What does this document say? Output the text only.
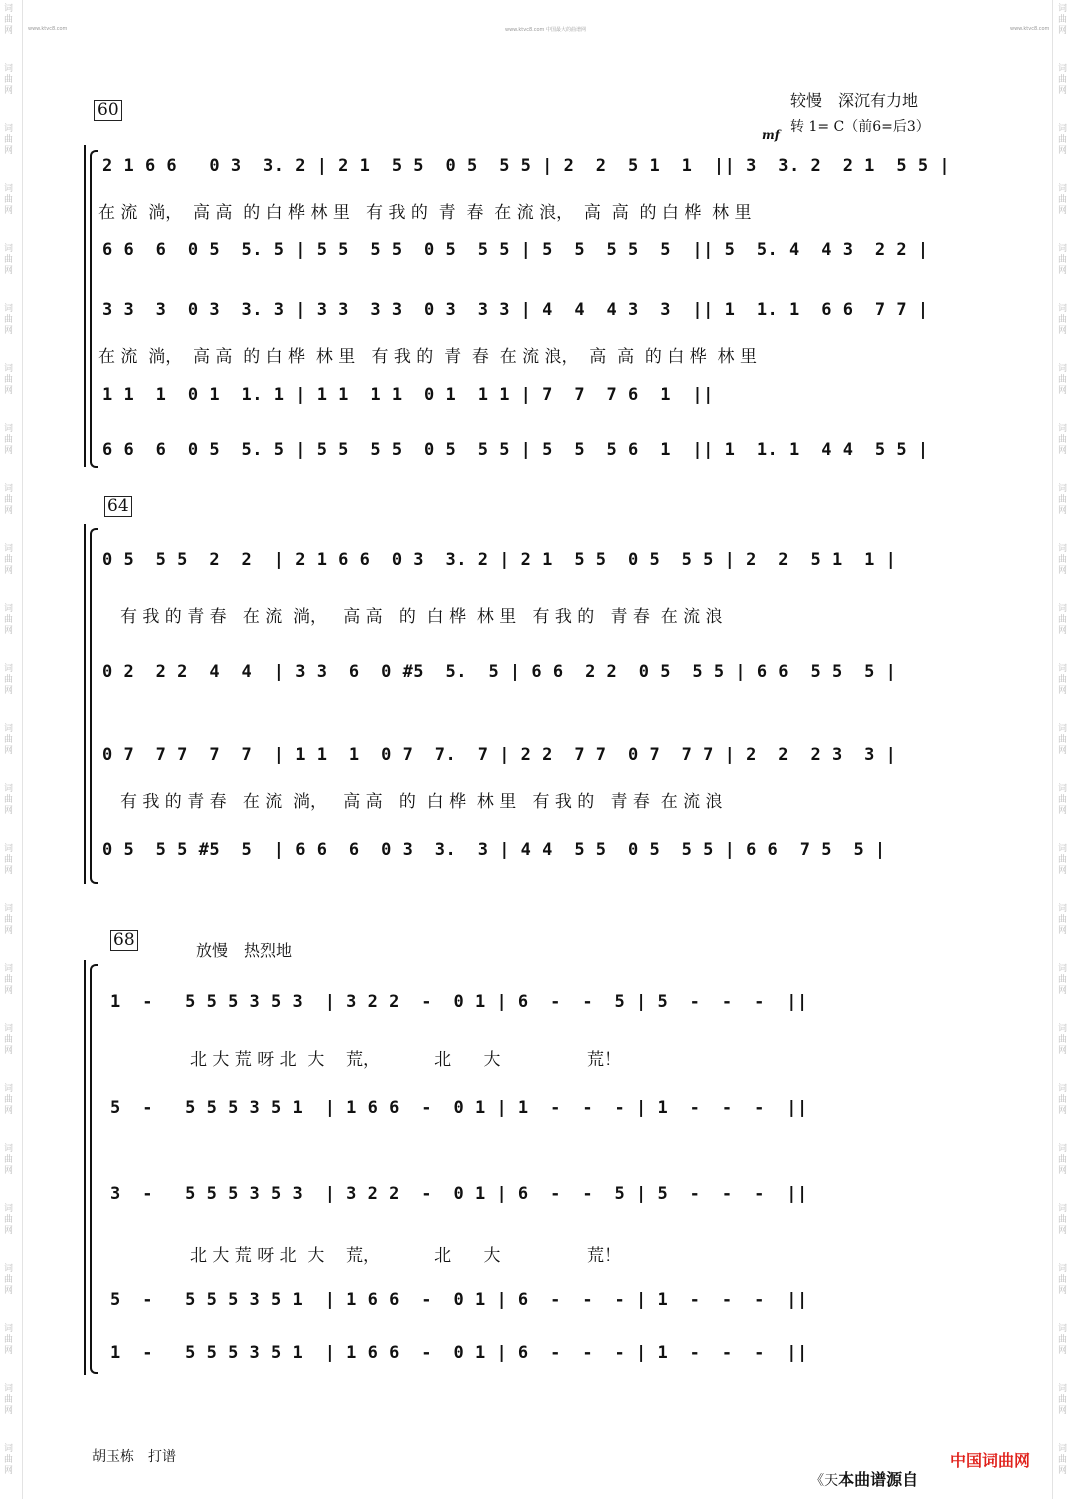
www.ktvc8.com	www.ktvc8.com 中国最大的曲谱网	www.ktvc8.com
词曲网
词曲网
词曲网
词曲网
词曲网
词曲网
词曲网
词曲网
词曲网
词曲网
词曲网
词曲网
词曲网
词曲网
词曲网
词曲网
词曲网
词曲网
词曲网
词曲网
词曲网
词曲网
词曲网
词曲网
词曲网
词曲网
词曲网
词曲网
词曲网
词曲网
词曲网
词曲网
词曲网
词曲网
词曲网
词曲网
词曲网
词曲网
词曲网
词曲网
词曲网
词曲网
词曲网
词曲网
词曲网
词曲网
词曲网
词曲网
词曲网
词曲网
60	较慢　深沉有力地
转 1= C（前6=后3）
mf
2 1 6 6   0 3  3. 2 | 2 1  5 5  0 5  5 5 | 2  2  5 1  1  || 3  3. 2  2 1  5 5 |
在 流  淌，  高 高  的 白 桦 林 里   有 我 的  青  春  在 流 浪，  高  高  的 白 桦  林 里
6 6  6  0 5  5. 5 | 5 5  5 5  0 5  5 5 | 5  5  5 5  5  || 5  5. 4  4 3  2 2 |
3 3  3  0 3  3. 3 | 3 3  3 3  0 3  3 3 | 4  4  4 3  3  || 1  1. 1  6 6  7 7 |
在 流  淌，  高 高  的 白 桦  林 里   有 我 的  青  春  在 流 浪，  高  高  的 白 桦  林 里
1 1  1  0 1  1. 1 | 1 1  1 1  0 1  1 1 | 7  7  7 6  1  ||
6 6  6  0 5  5. 5 | 5 5  5 5  0 5  5 5 | 5  5  5 6  1  || 1  1. 1  4 4  5 5 |
64
0 5  5 5  2  2  | 2 1 6 6  0 3  3. 2 | 2 1  5 5  0 5  5 5 | 2  2  5 1  1 |
有 我 的 青 春   在 流  淌，   高 高   的  白 桦  林 里   有 我 的   青 春  在 流 浪
0 2  2 2  4  4  | 3 3  6  0 #5  5.  5 | 6 6  2 2  0 5  5 5 | 6 6  5 5  5 |
0 7  7 7  7  7  | 1 1  1  0 7  7.  7 | 2 2  7 7  0 7  7 7 | 2  2  2 3  3 |
有 我 的 青 春   在 流  淌，   高 高   的  白 桦  林 里   有 我 的   青 春  在 流 浪
0 5  5 5 #5  5  | 6 6  6  0 3  3.  3 | 4 4  5 5  0 5  5 5 | 6 6  7 5  5 |
68
放慢　热烈地
1  -   5 5 5 3 5 3  | 3 2 2  -  0 1 | 6  -  -  5 | 5  -  -  -  ||
北 大 荒 呀 北  大    荒，          北      大                荒！
5  -   5 5 5 3 5 1  | 1 6 6  -  0 1 | 1  -  -  - | 1  -  -  -  ||
3  -   5 5 5 3 5 3  | 3 2 2  -  0 1 | 6  -  -  5 | 5  -  -  -  ||
北 大 荒 呀 北  大    荒，          北      大                荒！
5  -   5 5 5 3 5 1  | 1 6 6  -  0 1 | 6  -  -  - | 1  -  -  -  ||
1  -   5 5 5 3 5 1  | 1 6 6  -  0 1 | 6  -  -  - | 1  -  -  -  ||
胡玉栋　打谱

《天本曲谱源自

中国词曲网
